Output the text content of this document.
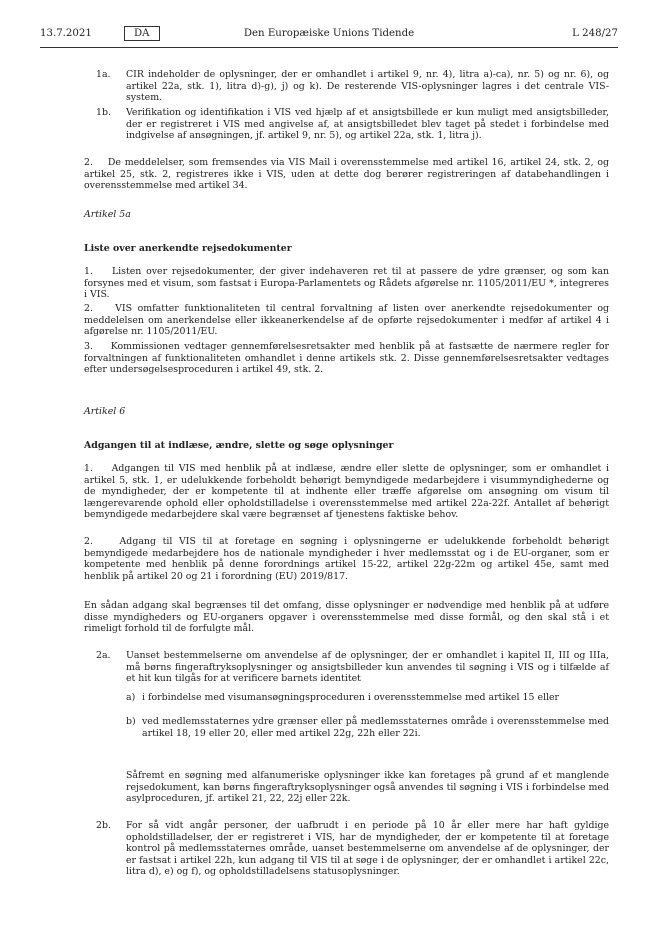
13.7.2021	DA	Den Europæiske Unions Tidende	L 248/27
1a. CIR indeholder de oplysninger, der er omhandlet i artikel 9, nr. 4), litra a)-ca), nr. 5) og nr. 6), og artikel 22a, stk. 1), litra d)-g), j) og k). De resterende VIS-oplysninger lagres i det centrale VIS-system.

1b. Verifikation og identifikation i VIS ved hjælp af et ansigtsbillede er kun muligt med ansigtsbilleder, der er registreret i VIS med angivelse af, at ansigtsbilledet blev taget på stedet i forbindelse med indgivelse af ansøgningen, jf. artikel 9, nr. 5), og artikel 22a, stk. 1, litra j).

2.    De meddelelser, som fremsendes via VIS Mail i overensstemmelse med artikel 16, artikel 24, stk. 2, og artikel 25, stk. 2, registreres ikke i VIS, uden at dette dog berører registreringen af databehandlingen i overensstemmelse med artikel 34.

Artikel 5a

Liste over anerkendte rejsedokumenter

1.    Listen over rejsedokumenter, der giver indehaveren ret til at passere de ydre grænser, og som kan forsynes med et visum, som fastsat i Europa-Parlamentets og Rådets afgørelse nr. 1105/2011/EU *, integreres i VIS.

2.    VIS omfatter funktionaliteten til central forvaltning af listen over anerkendte rejsedokumenter og meddelelsen om anerkendelse eller ikkeanerkendelse af de opførte rejsedokumenter i medfør af artikel 4 i afgørelse nr. 1105/2011/EU.

3.    Kommissionen vedtager gennemførelsesretsakter med henblik på at fastsætte de nærmere regler for forvaltningen af funktionaliteten omhandlet i denne artikels stk. 2. Disse gennemførelsesretsakter vedtages efter undersøgelsesproceduren i artikel 49, stk. 2.

Artikel 6

Adgangen til at indlæse, ændre, slette og søge oplysninger

1.    Adgangen til VIS med henblik på at indlæse, ændre eller slette de oplysninger, som er omhandlet i artikel 5, stk. 1, er udelukkende forbeholdt behørigt bemyndigede medarbejdere i visummyndighederne og de myndigheder, der er kompetente til at indhente eller træffe afgørelse om ansøgning om visum til længerevarende ophold eller opholdstilladelse i overensstemmelse med artikel 22a-22f. Antallet af behørigt bemyndigede medarbejdere skal være begrænset af tjenestens faktiske behov.

2.    Adgang til VIS til at foretage en søgning i oplysningerne er udelukkende forbeholdt behørigt bemyndigede medarbejdere hos de nationale myndigheder i hver medlemsstat og i de EU-organer, som er kompetente med henblik på denne forordnings artikel 15-22, artikel 22g-22m og artikel 45e, samt med henblik på artikel 20 og 21 i forordning (EU) 2019/817.

En sådan adgang skal begrænses til det omfang, disse oplysninger er nødvendige med henblik på at udføre disse myndigheders og EU-organers opgaver i overensstemmelse med disse formål, og den skal stå i et rimeligt forhold til de forfulgte mål.

2a. Uanset bestemmelserne om anvendelse af de oplysninger, der er omhandlet i kapitel II, III og IIIa, må børns fingeraftryksoplysninger og ansigtsbilleder kun anvendes til søgning i VIS og i tilfælde af et hit kun tilgås for at verificere barnets identitet

a) i forbindelse med visumansøgningsproceduren i overensstemmelse med artikel 15 eller

b) ved medlemsstaternes ydre grænser eller på medlemsstaternes område i overensstemmelse med artikel 18, 19 eller 20, eller med artikel 22g, 22h eller 22i.

Såfremt en søgning med alfanumeriske oplysninger ikke kan foretages på grund af et manglende rejsedokument, kan børns fingeraftryksoplysninger også anvendes til søgning i VIS i forbindelse med asylproceduren, jf. artikel 21, 22, 22j eller 22k.

2b. For så vidt angår personer, der uafbrudt i en periode på 10 år eller mere har haft gyldige opholdstilladelser, der er registreret i VIS, har de myndigheder, der er kompetente til at foretage kontrol på medlemsstaternes område, uanset bestemmelserne om anvendelse af de oplysninger, der er fastsat i artikel 22h, kun adgang til VIS til at søge i de oplysninger, der er omhandlet i artikel 22c, litra d), e) og f), og opholdstilladelsens statusoplysninger.
